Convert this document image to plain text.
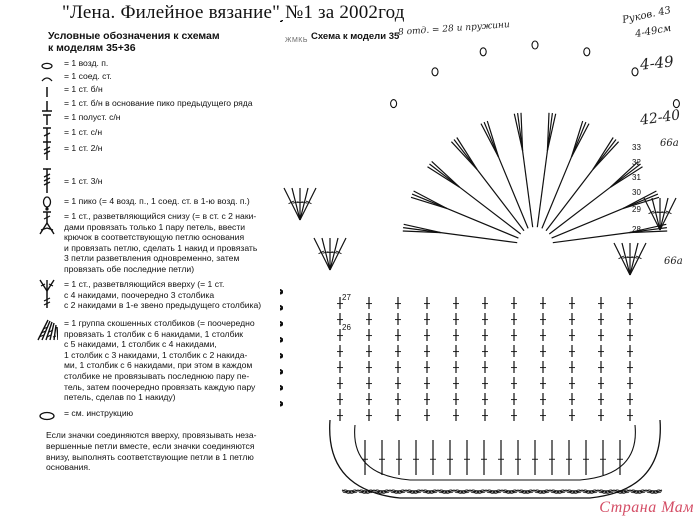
"Лена. Филейное вязание" №1 за 2002год
Условные обозначения к схемам
к моделям 35+36
= 1 возд. п.
= 1 соед. ст.
= 1 ст. б/н
= 1 ст. б/н в основание пико предыдущего ряда
= 1 полуст. с/н
= 1 ст. с/н
= 1 ст. 2/н
= 1 ст. 3/н
= 1 пико (= 4 возд. п., 1 соед. ст. в 1-ю возд. п.)
= 1 ст., разветвляющийся снизу (= в ст. с 2 наки-
дами провязать только 1 пару петель, ввести
крючок в соответствующую петлю основания
и провязать петлю, сделать 1 накид и провязать
3 петли разветвления одновременно, затем
провязать обе последние петли)
= 1 ст., разветвляющийся вверху (= 1 ст.
с 4 накидами, поочередно 3 столбика
с 2 накидами в 1-е звено предыдущего столбика)
= 1 группа скошенных столбиков (= поочередно
провязать 1 столбик с 6 накидами, 1 столбик
с 5 накидами, 1 столбик с 4 накидами,
1 столбик с 3 накидами, 1 столбик с 2 накида-
ми, 1 столбик с 6 накидами, при этом в каждом
столбике не провязывать последнюю пару пе-
тель, затем поочередно провязать каждую пару
петель, сделав по 1 накиду)
= см. инструкцию
Если значки соединяются вверху, провязывать неза-
вершенные петли вместе, если значки соединяются
внизу, выполнять соответствующие петли в 1 петлю
основания.
ЖМКЬ Схема к модели 35
33
32
31
30
29
28
27
26
8 отд. = 28 и пружини
Руков. 43
4-49см
4-49
42-40
66а
66а
Страна Мам
